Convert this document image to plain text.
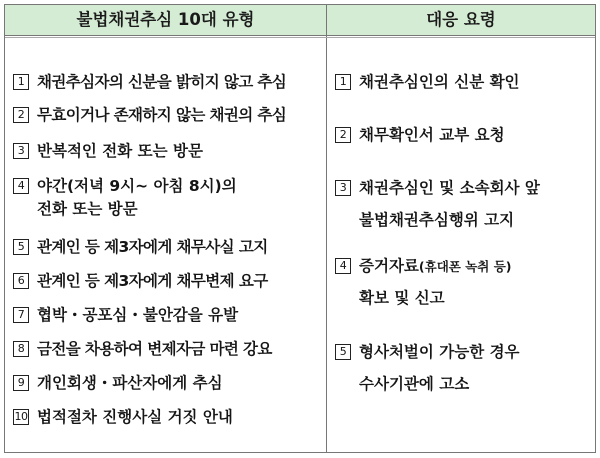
불법채권추심 10대 유형	대응 요령
1 채권추심자의 신분을 밝히지 않고 추심
2 무효이거나 존재하지 않는 채권의 추심
3 반복적인 전화 또는 방문
4 야간(저녁 9시~ 아침 8시)의
전화 또는 방문
5 관계인 등 제3자에게 채무사실 고지
6 관계인 등 제3자에게 채무변제 요구
7 협박・공포심・불안감을 유발
8 금전을 차용하여 변제자금 마련 강요
9 개인회생・파산자에게 추심
10 법적절차 진행사실 거짓 안내
1 채권추심인의 신분 확인
2 채무확인서 교부 요청
3 채권추심인 및 소속회사 앞
불법채권추심행위 고지
4 증거자료(휴대폰 녹취 등)
확보 및 신고
5 형사처벌이 가능한 경우
수사기관에 고소
